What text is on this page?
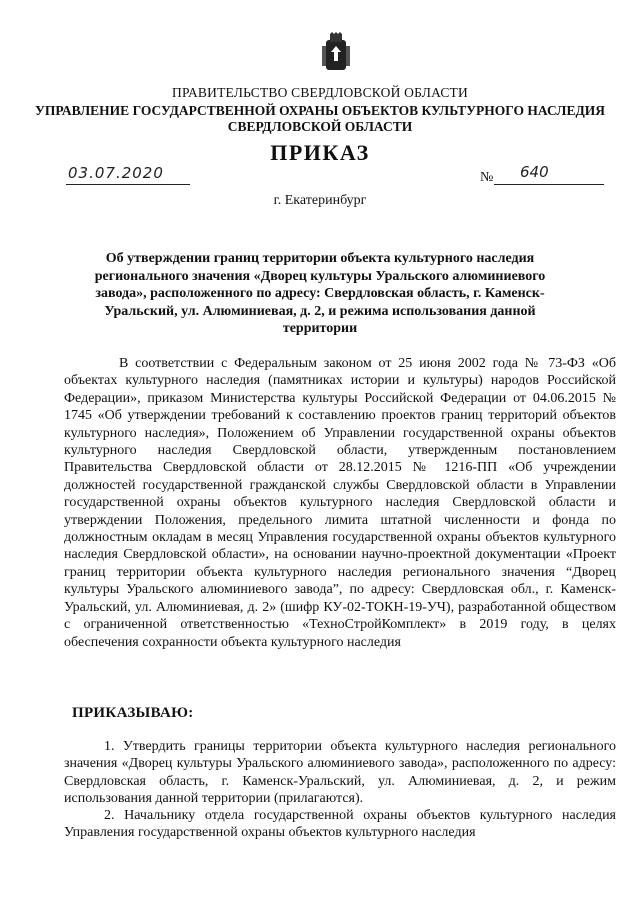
ПРАВИТЕЛЬСТВО СВЕРДЛОВСКОЙ ОБЛАСТИ
УПРАВЛЕНИЕ ГОСУДАРСТВЕННОЙ ОХРАНЫ ОБЪЕКТОВ КУЛЬТУРНОГО НАСЛЕДИЯ
СВЕРДЛОВСКОЙ ОБЛАСТИ
ПРИКАЗ
03.07.2020	№ 640
г. Екатеринбург
Об утверждении границ территории объекта культурного наследия регионального значения «Дворец культуры Уральского алюминиевого завода», расположенного по адресу: Свердловская область, г. Каменск-Уральский, ул. Алюминиевая, д. 2, и режима использования данной территории
В соответствии с Федеральным законом от 25 июня 2002 года № 73-ФЗ «Об объектах культурного наследия (памятниках истории и культуры) народов Российской Федерации», приказом Министерства культуры Российской Федерации от 04.06.2015 № 1745 «Об утверждении требований к составлению проектов границ территорий объектов культурного наследия», Положением об Управлении государственной охраны объектов культурного наследия Свердловской области, утвержденным постановлением Правительства Свердловской области от 28.12.2015 № 1216-ПП «Об учреждении должностей государственной гражданской службы Свердловской области в Управлении государственной охраны объектов культурного наследия Свердловской области и утверждении Положения, предельного лимита штатной численности и фонда по должностным окладам в месяц Управления государственной охраны объектов культурного наследия Свердловской области», на основании научно-проектной документации «Проект границ территории объекта культурного наследия регионального значения “Дворец культуры Уральского алюминиевого завода”, по адресу: Свердловская обл., г. Каменск-Уральский, ул. Алюминиевая, д. 2» (шифр КУ-02-ТОКН-19-УЧ), разработанной обществом с ограниченной ответственностью «ТехноСтройКомплект» в 2019 году, в целях обеспечения сохранности объекта культурного наследия
ПРИКАЗЫВАЮ:
1. Утвердить границы территории объекта культурного наследия регионального значения «Дворец культуры Уральского алюминиевого завода», расположенного по адресу: Свердловская область, г. Каменск-Уральский, ул. Алюминиевая, д. 2, и режим использования данной территории (прилагаются).
2. Начальнику отдела государственной охраны объектов культурного наследия Управления государственной охраны объектов культурного наследия
